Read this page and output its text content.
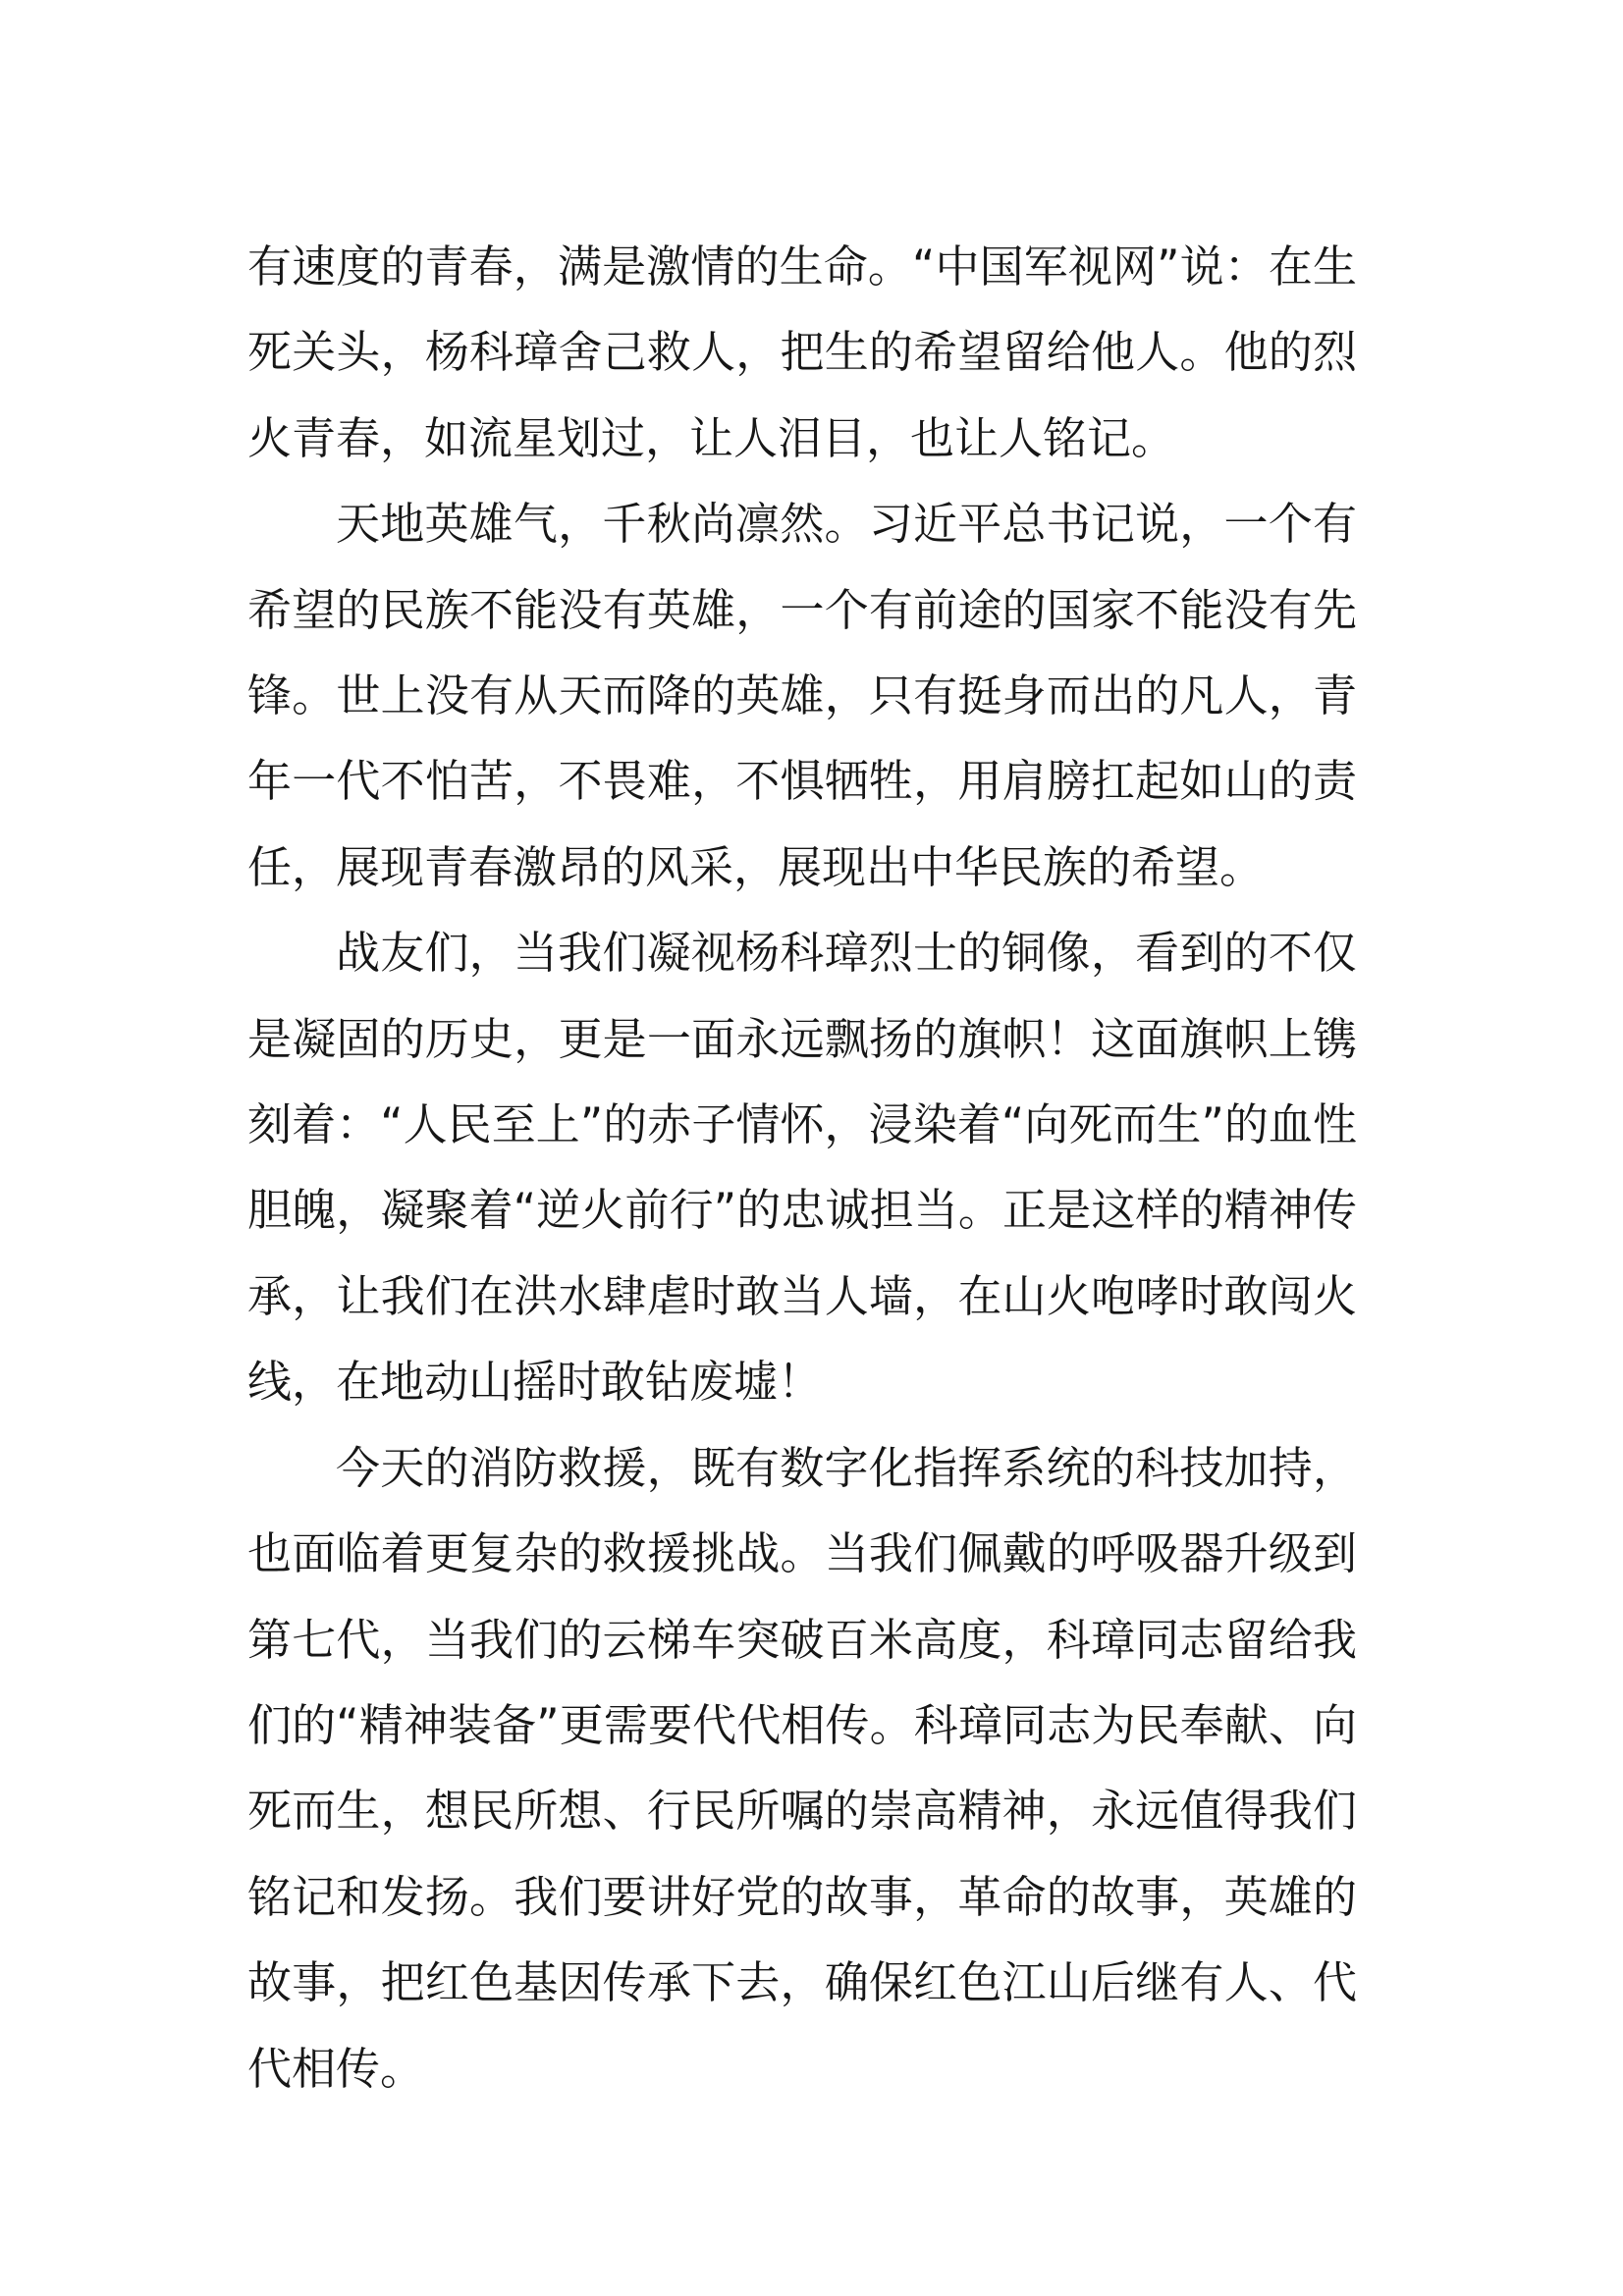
有速度的青春，满是激情的生命。“中国军视网”说：在生死关头，杨科璋舍己救人，把生的希望留给他人。他的烈火青春，如流星划过，让人泪目，也让人铭记。

天地英雄气，千秋尚凛然。习近平总书记说，一个有希望的民族不能没有英雄，一个有前途的国家不能没有先锋。世上没有从天而降的英雄，只有挺身而出的凡人，青年一代不怕苦，不畏难，不惧牺牲，用肩膀扛起如山的责任，展现青春激昂的风采，展现出中华民族的希望。

战友们，当我们凝视杨科璋烈士的铜像，看到的不仅是凝固的历史，更是一面永远飘扬的旗帜！这面旗帜上镌刻着：“人民至上”的赤子情怀，浸染着“向死而生”的血性胆魄，凝聚着“逆火前行”的忠诚担当。正是这样的精神传承，让我们在洪水肆虐时敢当人墙，在山火咆哮时敢闯火线，在地动山摇时敢钻废墟！

今天的消防救援，既有数字化指挥系统的科技加持，也面临着更复杂的救援挑战。当我们佩戴的呼吸器升级到第七代，当我们的云梯车突破百米高度，科璋同志留给我们的“精神装备”更需要代代相传。科璋同志为民奉献、向死而生，想民所想、行民所嘱的崇高精神，永远值得我们铭记和发扬。我们要讲好党的故事，革命的故事，英雄的故事，把红色基因传承下去，确保红色江山后继有人、代代相传。
